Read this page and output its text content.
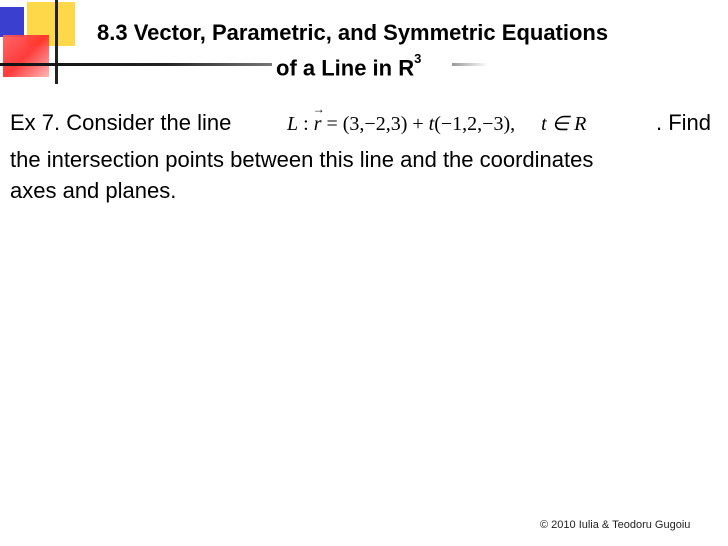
8.3 Vector, Parametric, and Symmetric Equations
of a Line in $R^3$
Ex 7. Consider the line	L : → r = (3,−2,3) + t(−1,2,−3), t ∈ R	. Find
the intersection points between this line and the coordinates
axes and planes.
© 2010 Iulia & Teodoru Gugoiu
